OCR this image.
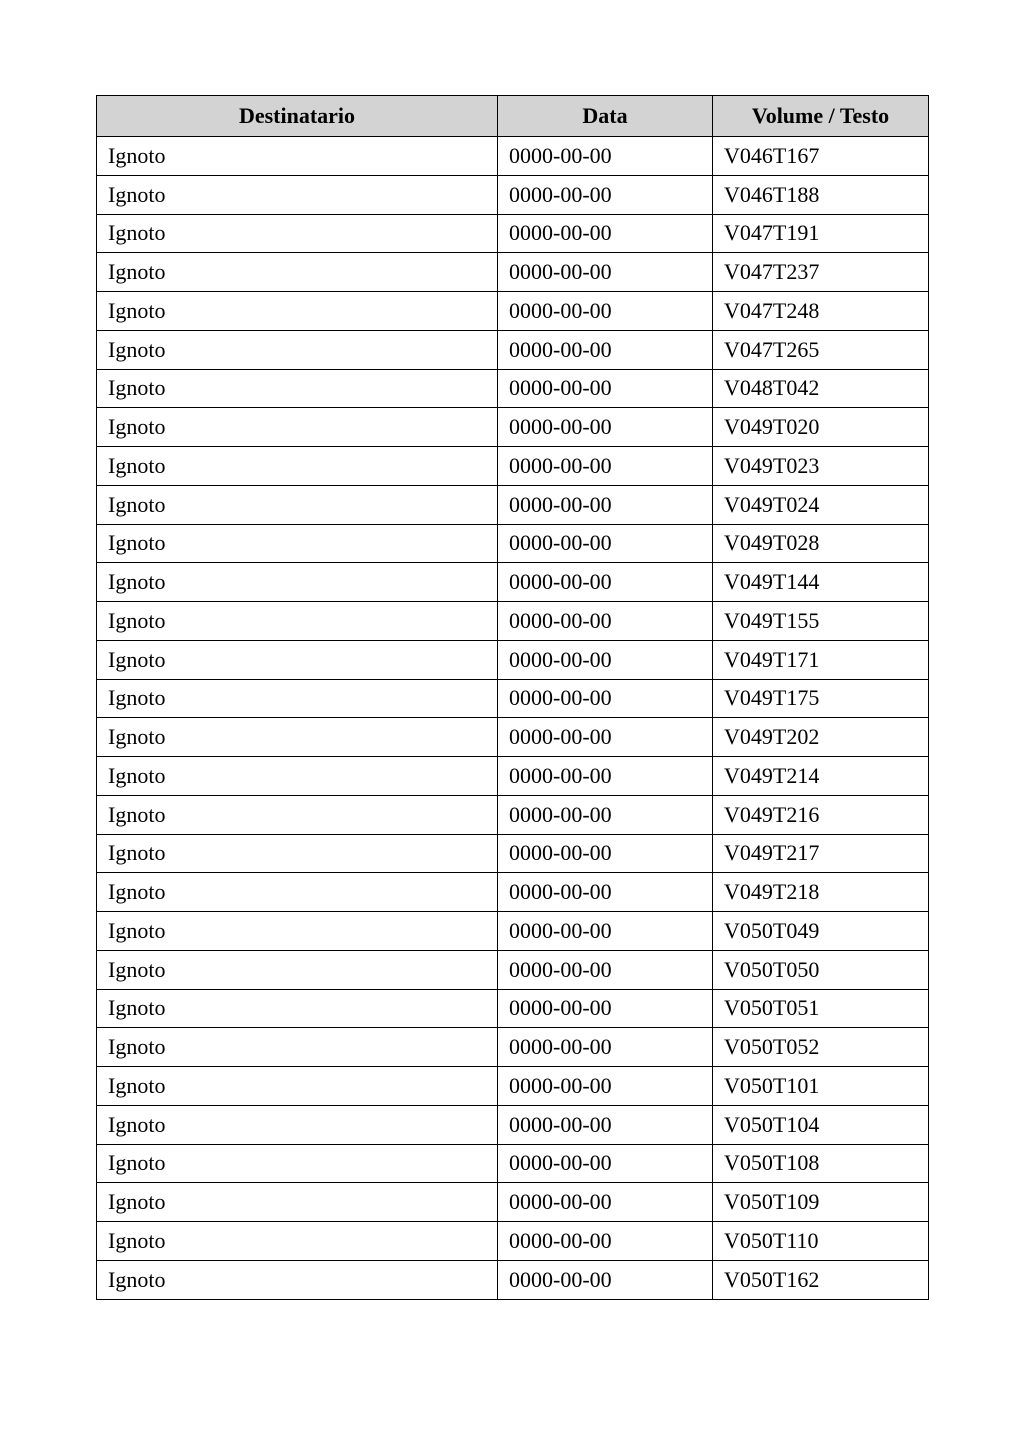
Destinatario	Data	Volume / Testo
Ignoto	0000-00-00	V046T167
Ignoto	0000-00-00	V046T188
Ignoto	0000-00-00	V047T191
Ignoto	0000-00-00	V047T237
Ignoto	0000-00-00	V047T248
Ignoto	0000-00-00	V047T265
Ignoto	0000-00-00	V048T042
Ignoto	0000-00-00	V049T020
Ignoto	0000-00-00	V049T023
Ignoto	0000-00-00	V049T024
Ignoto	0000-00-00	V049T028
Ignoto	0000-00-00	V049T144
Ignoto	0000-00-00	V049T155
Ignoto	0000-00-00	V049T171
Ignoto	0000-00-00	V049T175
Ignoto	0000-00-00	V049T202
Ignoto	0000-00-00	V049T214
Ignoto	0000-00-00	V049T216
Ignoto	0000-00-00	V049T217
Ignoto	0000-00-00	V049T218
Ignoto	0000-00-00	V050T049
Ignoto	0000-00-00	V050T050
Ignoto	0000-00-00	V050T051
Ignoto	0000-00-00	V050T052
Ignoto	0000-00-00	V050T101
Ignoto	0000-00-00	V050T104
Ignoto	0000-00-00	V050T108
Ignoto	0000-00-00	V050T109
Ignoto	0000-00-00	V050T110
Ignoto	0000-00-00	V050T162
